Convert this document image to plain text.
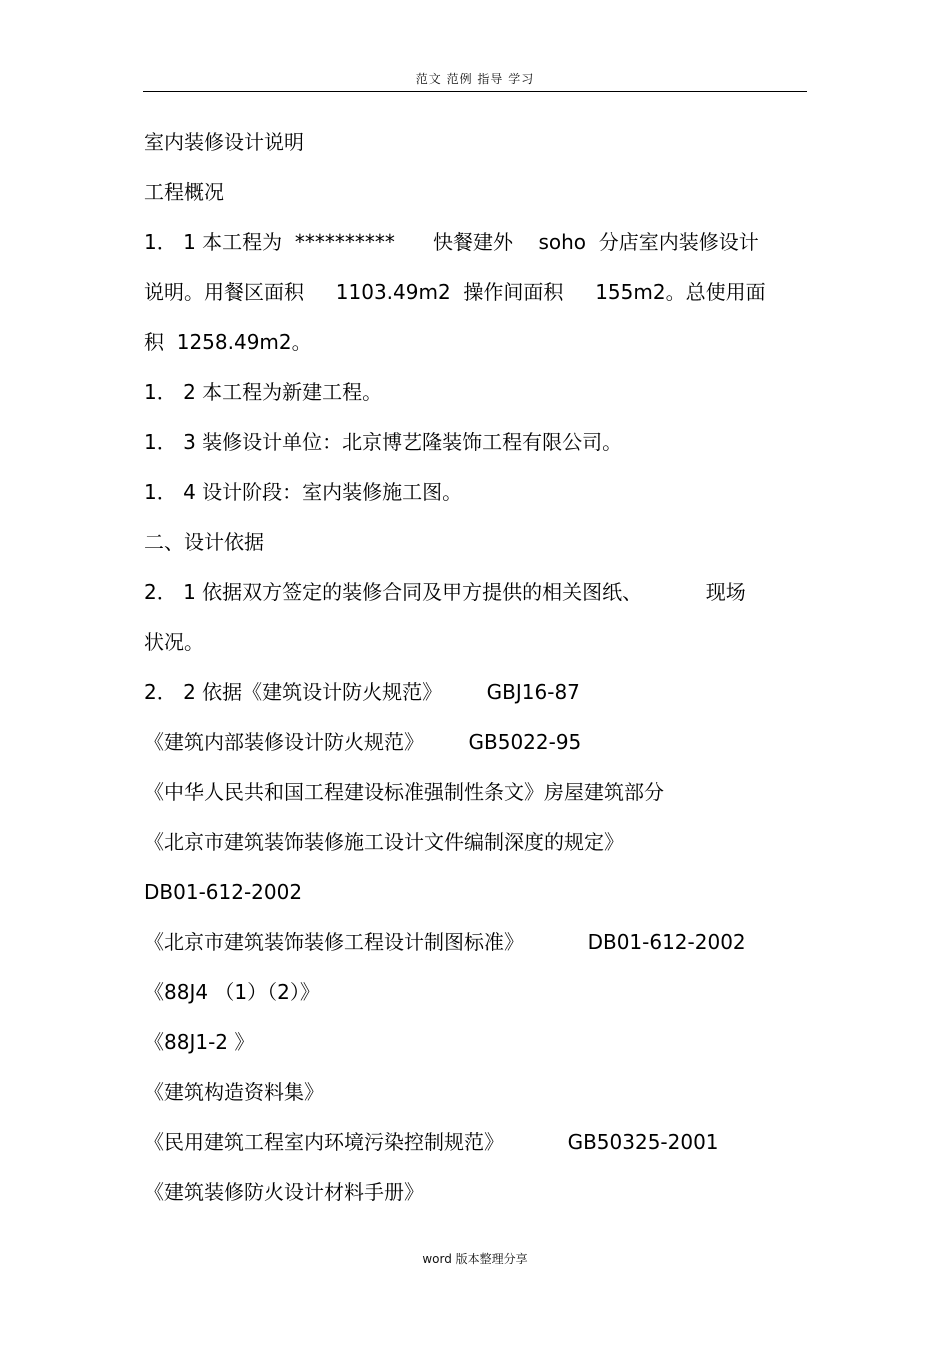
范文 范例 指导 学习
室内装修设计说明
工程概况
1． 1 本工程为  **********      快餐建外    soho  分店室内装修设计
说明。用餐区面积     1103.49m2  操作间面积     155m2。总使用面
积  1258.49m2。
1． 2 本工程为新建工程。
1． 3 装修设计单位：北京博艺隆装饰工程有限公司。
1． 4 设计阶段：室内装修施工图。
二、设计依据
2． 1 依据双方签定的装修合同及甲方提供的相关图纸、          现场
状况。
2． 2 依据《建筑设计防火规范》       GBJ16-87
《建筑内部装修设计防火规范》       GB5022-95
《中华人民共和国工程建设标准强制性条文》房屋建筑部分
《北京市建筑装饰装修施工设计文件编制深度的规定》
DB01-612-2002
《北京市建筑装饰装修工程设计制图标准》          DB01-612-2002
《88J4 （1）（2）》
《88J1-2 》
《建筑构造资料集》
《民用建筑工程室内环境污染控制规范》          GB50325-2001
《建筑装修防火设计材料手册》
word 版本整理分享
